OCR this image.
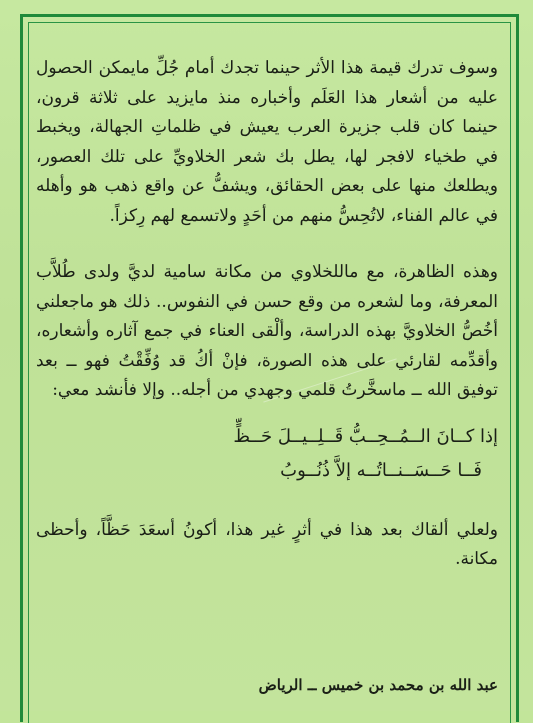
وسوف تدرك قيمة هذا الأثر حينما تجدك أمام جُلِّ مايمكن الحصول عليه من أشعار هذا العَلَم وأخباره منذ مايزيد على ثلاثة قرون، حينما كان قلب جزيرة العرب يعيش في ظلماتِ الجهالة، ويخبط في طخياء لافجر لها، يطل بك شعر الخلاويِّ على تلك العصور، ويطلعك منها على بعض الحقائق، ويشفُّ عن واقع ذهب هو وأهله في عالم الفناء، لاتُحِسُّ منهم من أحَدٍ ولاتسمع لهم رِكزاً.

وهذه الظاهرة، مع ماللخلاوي من مكانة سامية لديَّ ولدى طُلاَّب المعرفة، وما لشعره من وقع حسن في النفوس.. ذلك هو ماجعلني أخُصُّ الخلاويَّ بهذه الدراسة، وألْقى العناء في جمع آثاره وأشعاره، وأقدِّمه لقارئي على هذه الصورة، فإنْ أكُ قد وُفِّقْتُ فهو ــ بعد توفيق الله ــ ماسخَّرتُ قلمي وجهدي من أجله.. وإلا فأنشد معي:

إذا كــانَ الــمُــحِــبُّ قَــلِــيــلَ حَــظٍّ
فَــا حَــسَــنــاتُــه إلاَّ ذُنُــوبُ

ولعلي ألقاك بعد هذا في أثرٍ غير هذا، أكونُ أسعَدَ حَظَّاً، وأحظى مكانة.

عبد الله بن محمد بن خميس ــ الرياض
